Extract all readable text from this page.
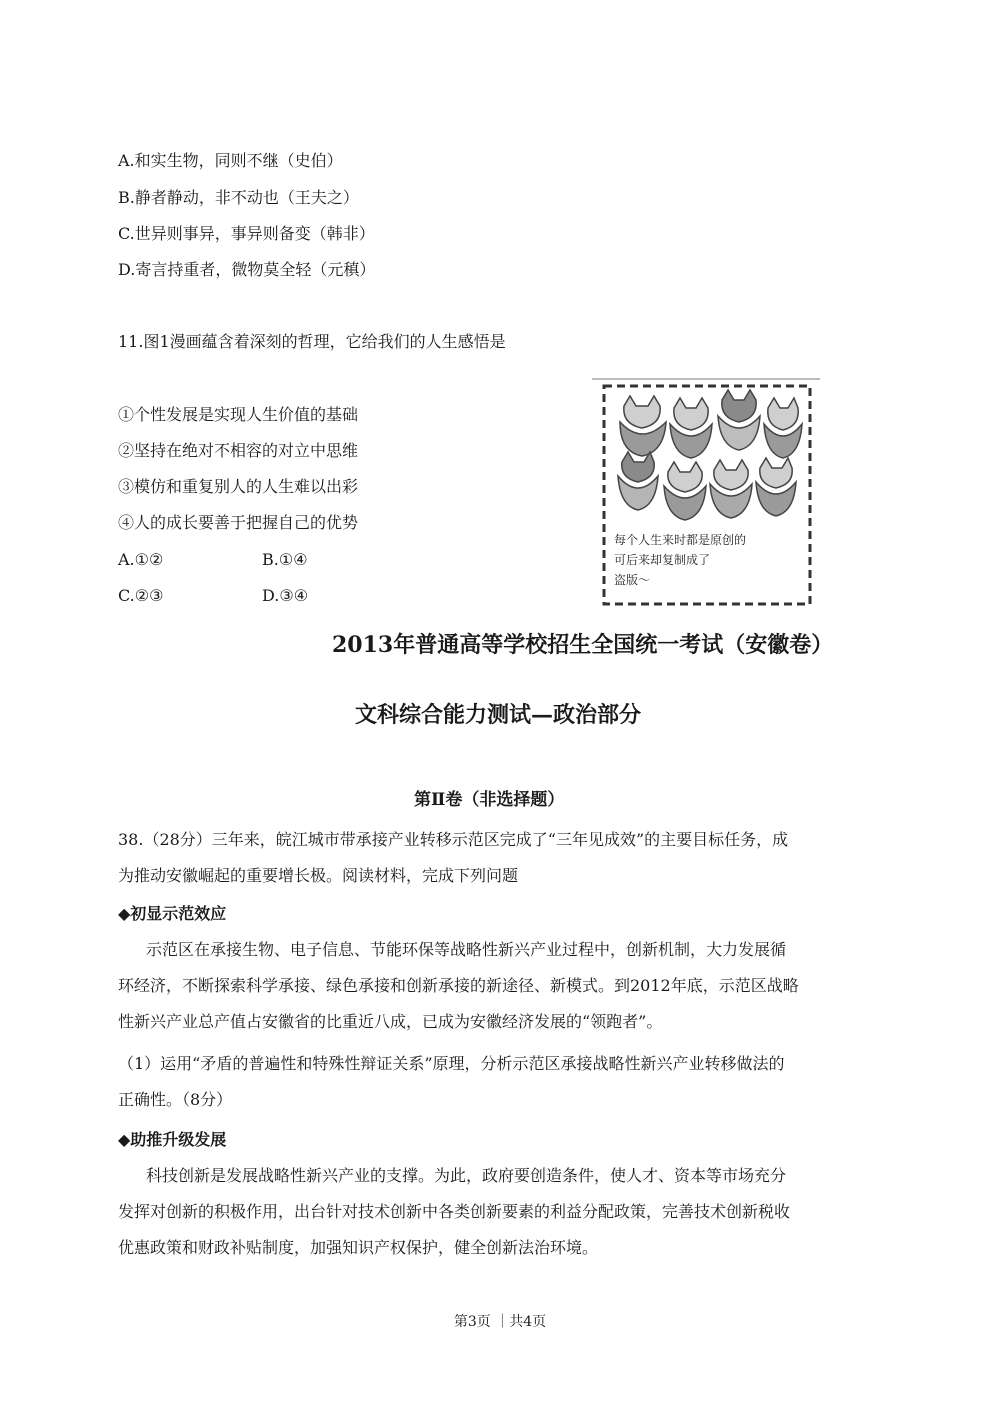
A.和实生物，同则不继（史伯）
B.静者静动，非不动也（王夫之）
C.世异则事异，事异则备变（韩非）
D.寄言持重者，微物莫全轻（元稹）
11.图1漫画蕴含着深刻的哲理，它给我们的人生感悟是
①个性发展是实现人生价值的基础
②坚持在绝对不相容的对立中思维
③模仿和重复别人的人生难以出彩
④人的成长要善于把握自己的优势
A.①②	B.①④
C.②③	D.③④
每个人生来时都是原创的
可后来却复制成了
盗版～
2013年普通高等学校招生全国统一考试（安徽卷）
文科综合能力测试—政治部分
第Ⅱ卷（非选择题）
38.（28分）三年来，皖江城市带承接产业转移示范区完成了“三年见成效”的主要目标任务，成
为推动安徽崛起的重要增长极。阅读材料，完成下列问题
◆初显示范效应
示范区在承接生物、电子信息、节能环保等战略性新兴产业过程中，创新机制，大力发展循
环经济，不断探索科学承接、绿色承接和创新承接的新途径、新模式。到2012年底，示范区战略
性新兴产业总产值占安徽省的比重近八成，已成为安徽经济发展的“领跑者”。
（1）运用“矛盾的普遍性和特殊性辩证关系”原理，分析示范区承接战略性新兴产业转移做法的
正确性。（8分）
◆助推升级发展
科技创新是发展战略性新兴产业的支撑。为此，政府要创造条件，使人才、资本等市场充分
发挥对创新的积极作用，出台针对技术创新中各类创新要素的利益分配政策，完善技术创新税收
优惠政策和财政补贴制度，加强知识产权保护，健全创新法治环境。
第3页 ｜共4页
